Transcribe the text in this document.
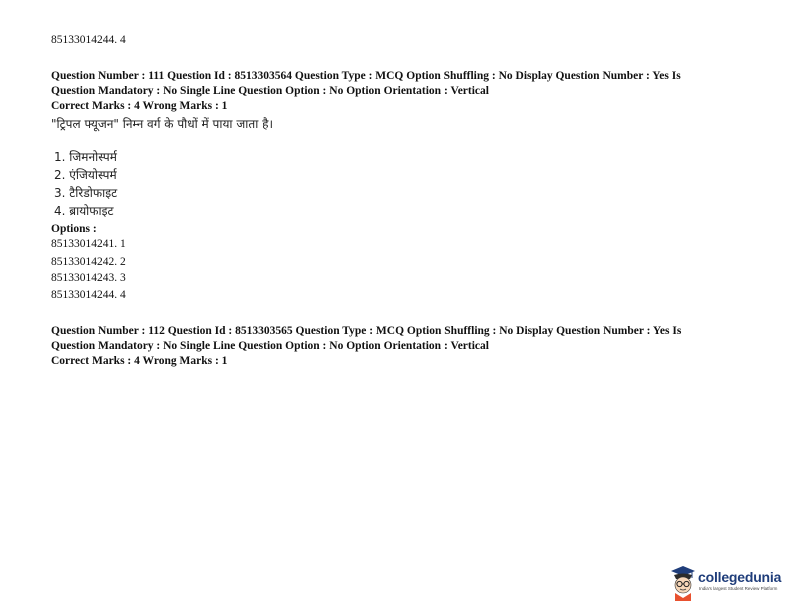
85133014244. 4
Question Number : 111 Question Id : 8513303564 Question Type : MCQ Option Shuffling : No Display Question Number : Yes Is
Question Mandatory : No Single Line Question Option : No Option Orientation : Vertical
Correct Marks : 4 Wrong Marks : 1
"ट्रिपल फ्यूजन" निम्न वर्ग के पौधों में पाया जाता है।
1. जिमनोस्पर्म
2. एंजियोस्पर्म
3. टैरिडोफाइट
4. ब्रायोफाइट
Options :
85133014241. 1
85133014242. 2
85133014243. 3
85133014244. 4
Question Number : 112 Question Id : 8513303565 Question Type : MCQ Option Shuffling : No Display Question Number : Yes Is
Question Mandatory : No Single Line Question Option : No Option Orientation : Vertical
Correct Marks : 4 Wrong Marks : 1
collegedunia
India's largest Student Review Platform
